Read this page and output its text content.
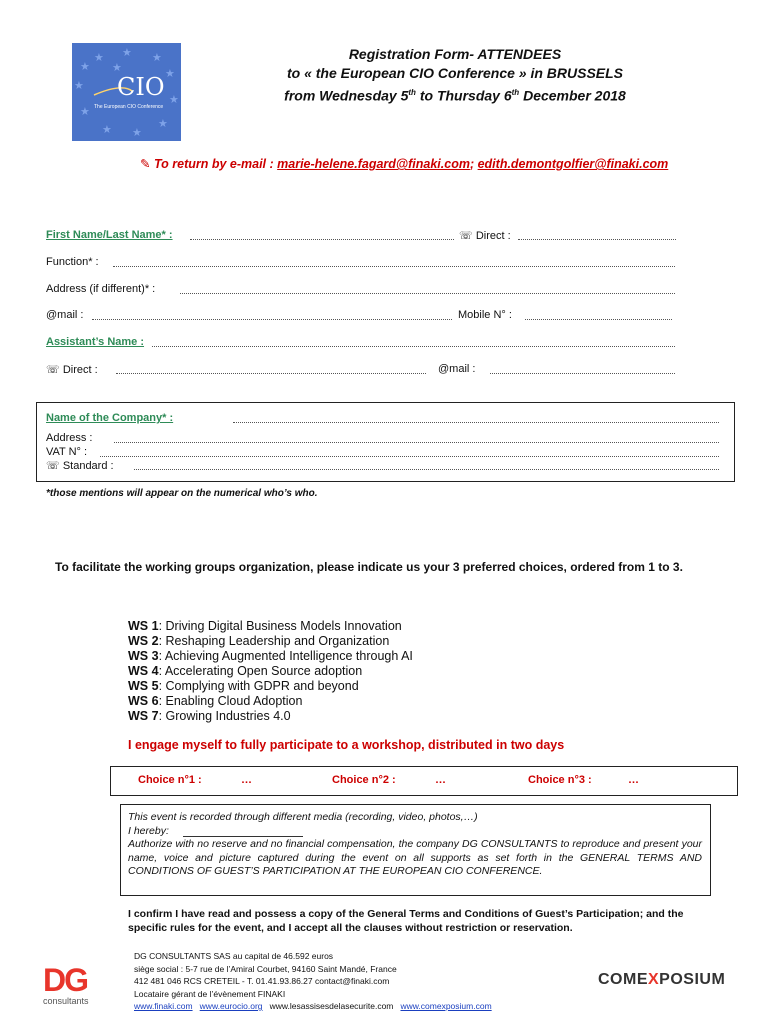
★ ★ ★
★
★
★
★
★
★
★
★ ★
CIO
The European CIO Conference
Registration Form- ATTENDEES
to « the European CIO Conference » in BRUSSELS
from Wednesday 5th to Thursday 6th December 2018
✎ To return by e-mail : marie-helene.fagard@finaki.com; edith.demontgolfier@finaki.com
First Name/Last Name* :	☏ Direct :
Function* :
Address (if different)* :
@mail :	Mobile N° :
Assistant’s Name :
☏ Direct :	@mail :
Name of the Company* :
Address :
VAT N° :
☏ Standard :
*those mentions will appear on the numerical who’s who.
To facilitate the working groups organization, please indicate us your 3 preferred choices, ordered from 1 to 3.
WS 1: Driving Digital Business Models Innovation
WS 2: Reshaping Leadership and Organization
WS 3: Achieving Augmented Intelligence through AI
WS 4: Accelerating Open Source adoption
WS 5: Complying with GDPR and beyond
WS 6: Enabling Cloud Adoption
WS 7: Growing Industries 4.0
I engage myself to fully participate to a workshop, distributed in two days
Choice n°1 :	…	Choice n°2 :	…	Choice n°3 :	…
This event is recorded through different media (recording, video, photos,…)
I hereby:
Authorize with no reserve and no financial compensation, the company DG CONSULTANTS to reproduce and present your name, voice and picture captured during the event on all supports as set forth in the GENERAL TERMS AND CONDITIONS OF GUEST’S PARTICIPATION AT THE EUROPEAN CIO CONFERENCE.
I confirm I have read and possess a copy of the General Terms and Conditions of Guest’s Participation; and the specific rules for the event, and I accept all the clauses without restriction or reservation.
DG
consultants
DG CONSULTANTS SAS au capital de 46.592 euros
siège social : 5-7 rue de l’Amiral Courbet, 94160 Saint Mandé, France
412 481 046 RCS CRETEIL - T. 01.41.93.86.27 contact@finaki.com
Locataire gérant de l’évènement FINAKI
www.finaki.com www.eurocio.org www.lesassisesdelasecurite.com www.comexposium.com
COMEXPOSIUM
